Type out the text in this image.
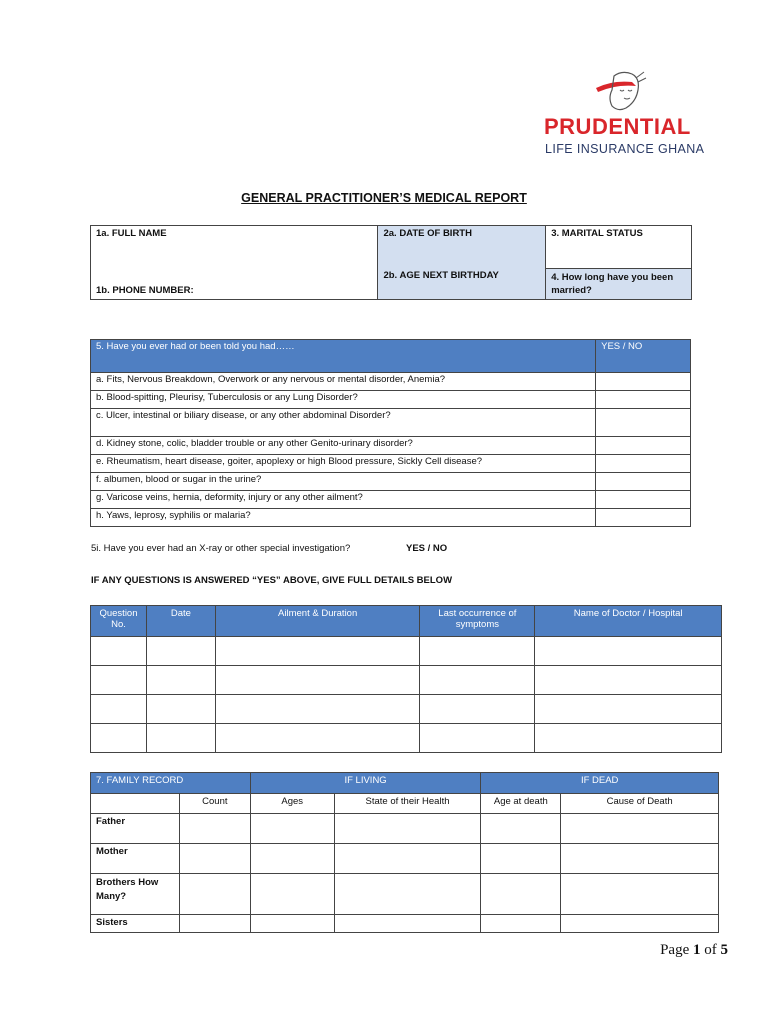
PRUDENTIAL
LIFE INSURANCE GHANA
GENERAL PRACTITIONER’S MEDICAL REPORT
1a. FULL NAME
1b. PHONE NUMBER:

2a. DATE OF BIRTH
2b. AGE NEXT BIRTHDAY

3. MARITAL STATUS

4. How long have you been married?
5. Have you ever had or been told you had……	YES / NO
a. Fits, Nervous Breakdown, Overwork or any nervous or mental disorder, Anemia?	
b. Blood-spitting, Pleurisy, Tuberculosis or any Lung Disorder?	
c. Ulcer, intestinal or biliary disease, or any other abdominal Disorder?	
d. Kidney stone, colic, bladder trouble or any other Genito-urinary disorder?	
e. Rheumatism, heart disease, goiter, apoplexy or high Blood pressure, Sickly Cell disease?	
f. albumen, blood or sugar in the urine?	
g. Varicose veins, hernia, deformity, injury or any other ailment?	
h. Yaws, leprosy, syphilis or malaria?	
5i. Have you ever had an X-ray or other special investigation?	YES / NO
IF ANY QUESTIONS IS ANSWERED “YES” ABOVE, GIVE FULL DETAILS BELOW
Question No.	Date	Ailment & Duration	Last occurrence of symptoms	Name of Doctor / Hospital

7. FAMILY RECORD		IF LIVING		IF DEAD	
	Count	Ages	State of their Health	Age at death	Cause of Death
Father					
Mother					
Brothers How Many?					
Sisters					
Page 1 of 5
